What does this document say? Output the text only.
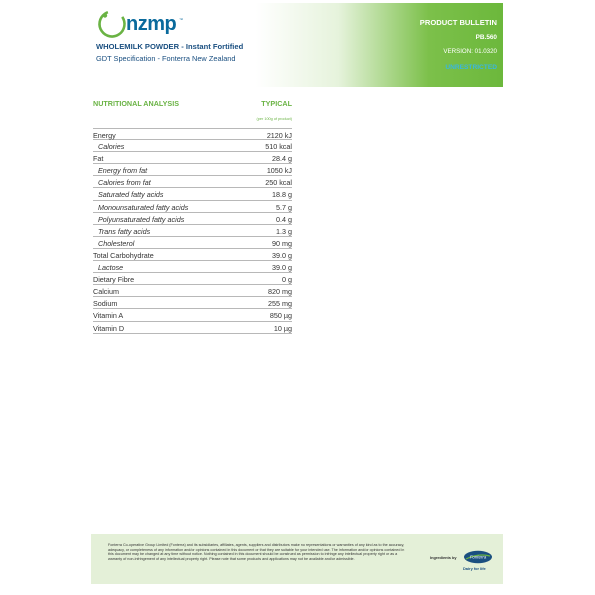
nzmp ™
WHOLEMILK POWDER - Instant Fortified
GDT Specification - Fonterra New Zealand
PRODUCT BULLETIN
PB.560
VERSION: 01.0320
UNRESTRICTED
NUTRITIONAL ANALYSIS	TYPICAL
(per 100g of product)
Energy	2120 kJ
Calories	510 kcal
Fat	28.4 g
Energy from fat	1050 kJ
Calories from fat	250 kcal
Saturated fatty acids	18.8 g
Monounsaturated fatty acids	5.7 g
Polyunsaturated fatty acids	0.4 g
Trans fatty acids	1.3 g
Cholesterol	90 mg
Total Carbohydrate	39.0 g
Lactose	39.0 g
Dietary Fibre	0 g
Calcium	820 mg
Sodium	255 mg
Vitamin A	850 µg
Vitamin D	10 µg
Fonterra Co-operative Group Limited (Fonterra) and its subsidiaries, affiliates, agents, suppliers and distributors make no representations or warranties of any kind as to the accuracy, adequacy, or completeness of any information and/or opinions contained in this document or that they are suitable for your intended use. The information and/or opinions contained in this document may be changed at any time without notice. Nothing contained in this document should be construed as permission to infringe any intellectual property right or as a warranty of non-infringement of any intellectual property right. Please note that some products and applications may not be available and/or admissible.	Ingredients by	Fonterra
Dairy for life
